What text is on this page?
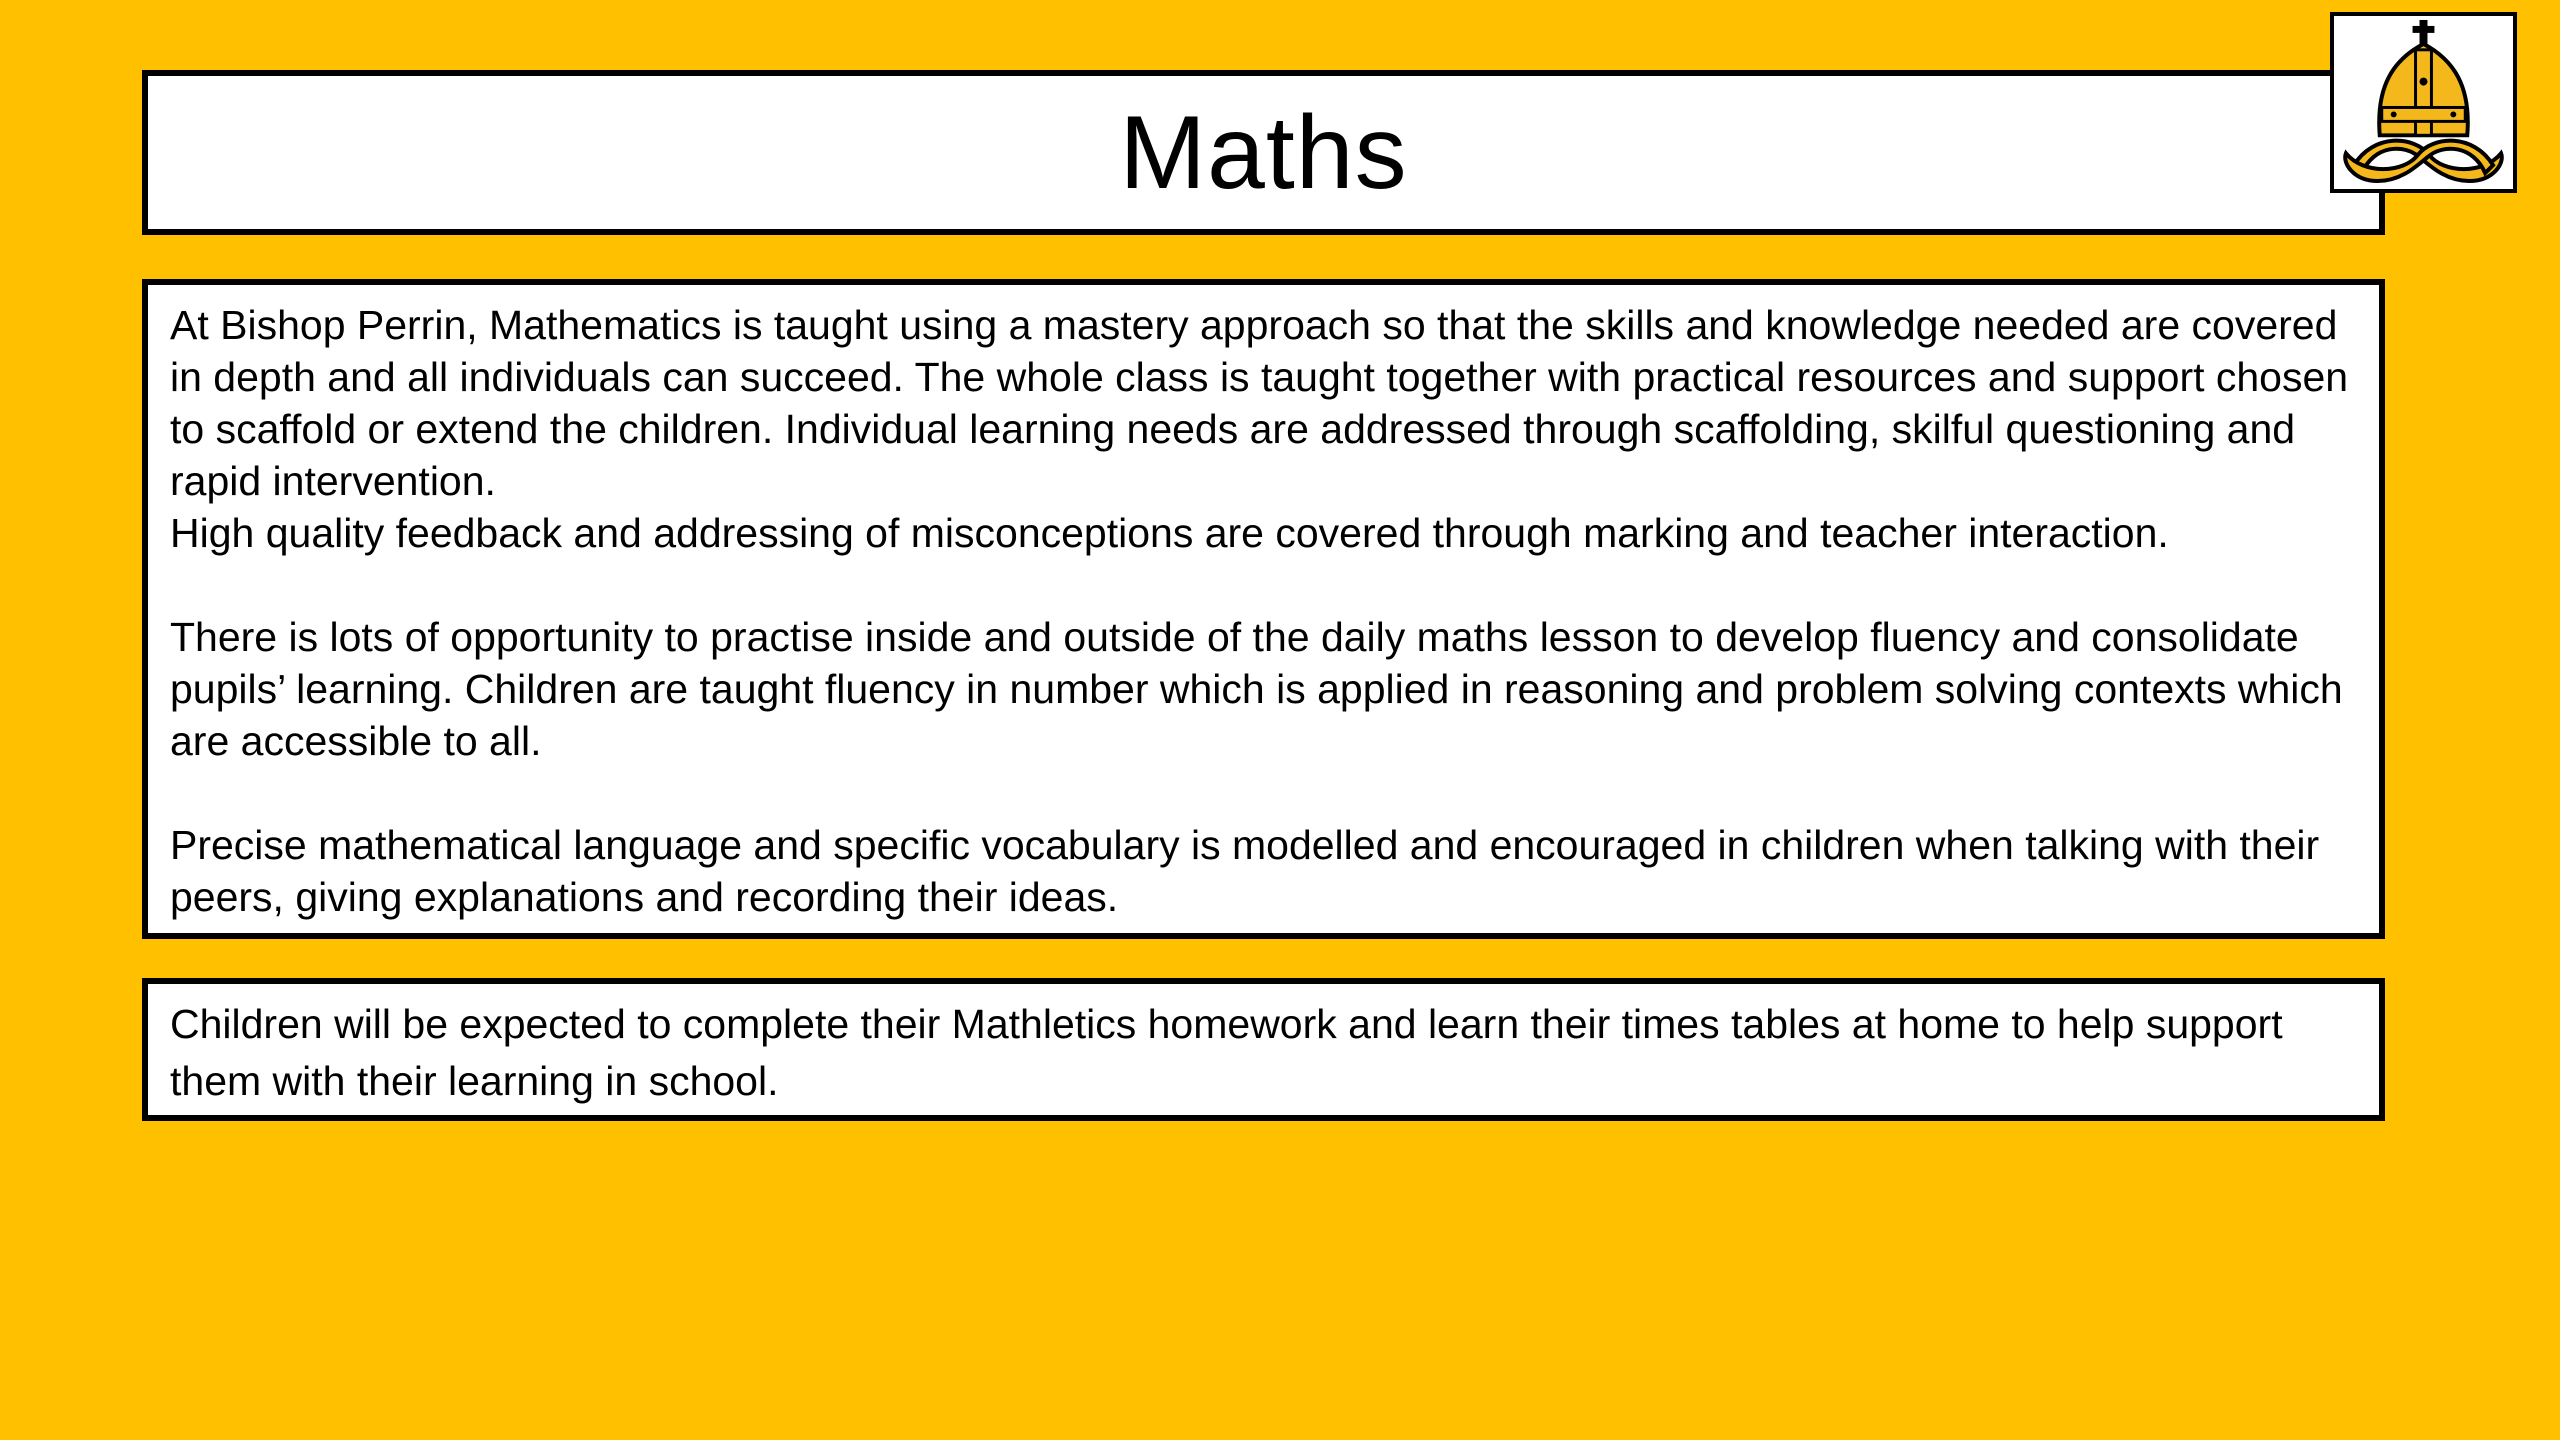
Maths

At Bishop Perrin, Mathematics is taught using a mastery approach so that the skills and knowledge needed are covered in depth and all individuals can succeed. The whole class is taught together with practical resources and support chosen to scaffold or extend the children. Individual learning needs are addressed through scaffolding, skilful questioning and rapid intervention.

High quality feedback and addressing of misconceptions are covered through marking and teacher interaction.

There is lots of opportunity to practise inside and outside of the daily maths lesson to develop fluency and consolidate pupils’ learning. Children are taught fluency in number which is applied in reasoning and problem solving contexts which are accessible to all.

Precise mathematical language and specific vocabulary is modelled and encouraged in children when talking with their peers, giving explanations and recording their ideas.

Children will be expected to complete their Mathletics homework and learn their times tables at home to help support them with their learning in school.
